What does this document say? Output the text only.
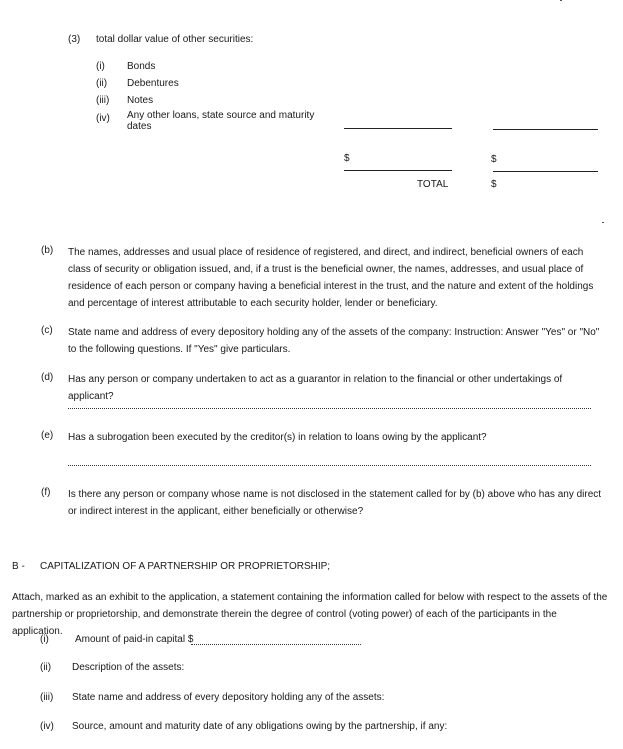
(3) total dollar value of other securities:
(i) Bonds
(ii) Debentures
(iii) Notes
(iv) Any other loans, state source and maturity dates
$	$
TOTAL	$
(b) The names, addresses and usual place of residence of registered, and direct, and indirect, beneficial owners of each class of security or obligation issued, and, if a trust is the beneficial owner, the names, addresses, and usual place of residence of each person or company having a beneficial interest in the trust, and the nature and extent of the holdings and percentage of interest attributable to each security holder, lender or beneficiary.
(c) State name and address of every depository holding any of the assets of the company: Instruction: Answer "Yes" or "No" to the following questions. If "Yes" give particulars.
(d) Has any person or company undertaken to act as a guarantor in relation to the financial or other undertakings of applicant?
(e) Has a subrogation been executed by the creditor(s) in relation to loans owing by the applicant?
(f) Is there any person or company whose name is not disclosed in the statement called for by (b) above who has any direct or indirect interest in the applicant, either beneficially or otherwise?
B - CAPITALIZATION OF A PARTNERSHIP OR PROPRIETORSHIP;
Attach, marked as an exhibit to the application, a statement containing the information called for below with respect to the assets of the partnership or proprietorship, and demonstrate therein the degree of control (voting power) of each of the participants in the application.
(i)	Amount of paid-in capital $
(ii) Description of the assets:
(iii) State name and address of every depository holding any of the assets:
(iv) Source, amount and maturity date of any obligations owing by the partnership, if any:
